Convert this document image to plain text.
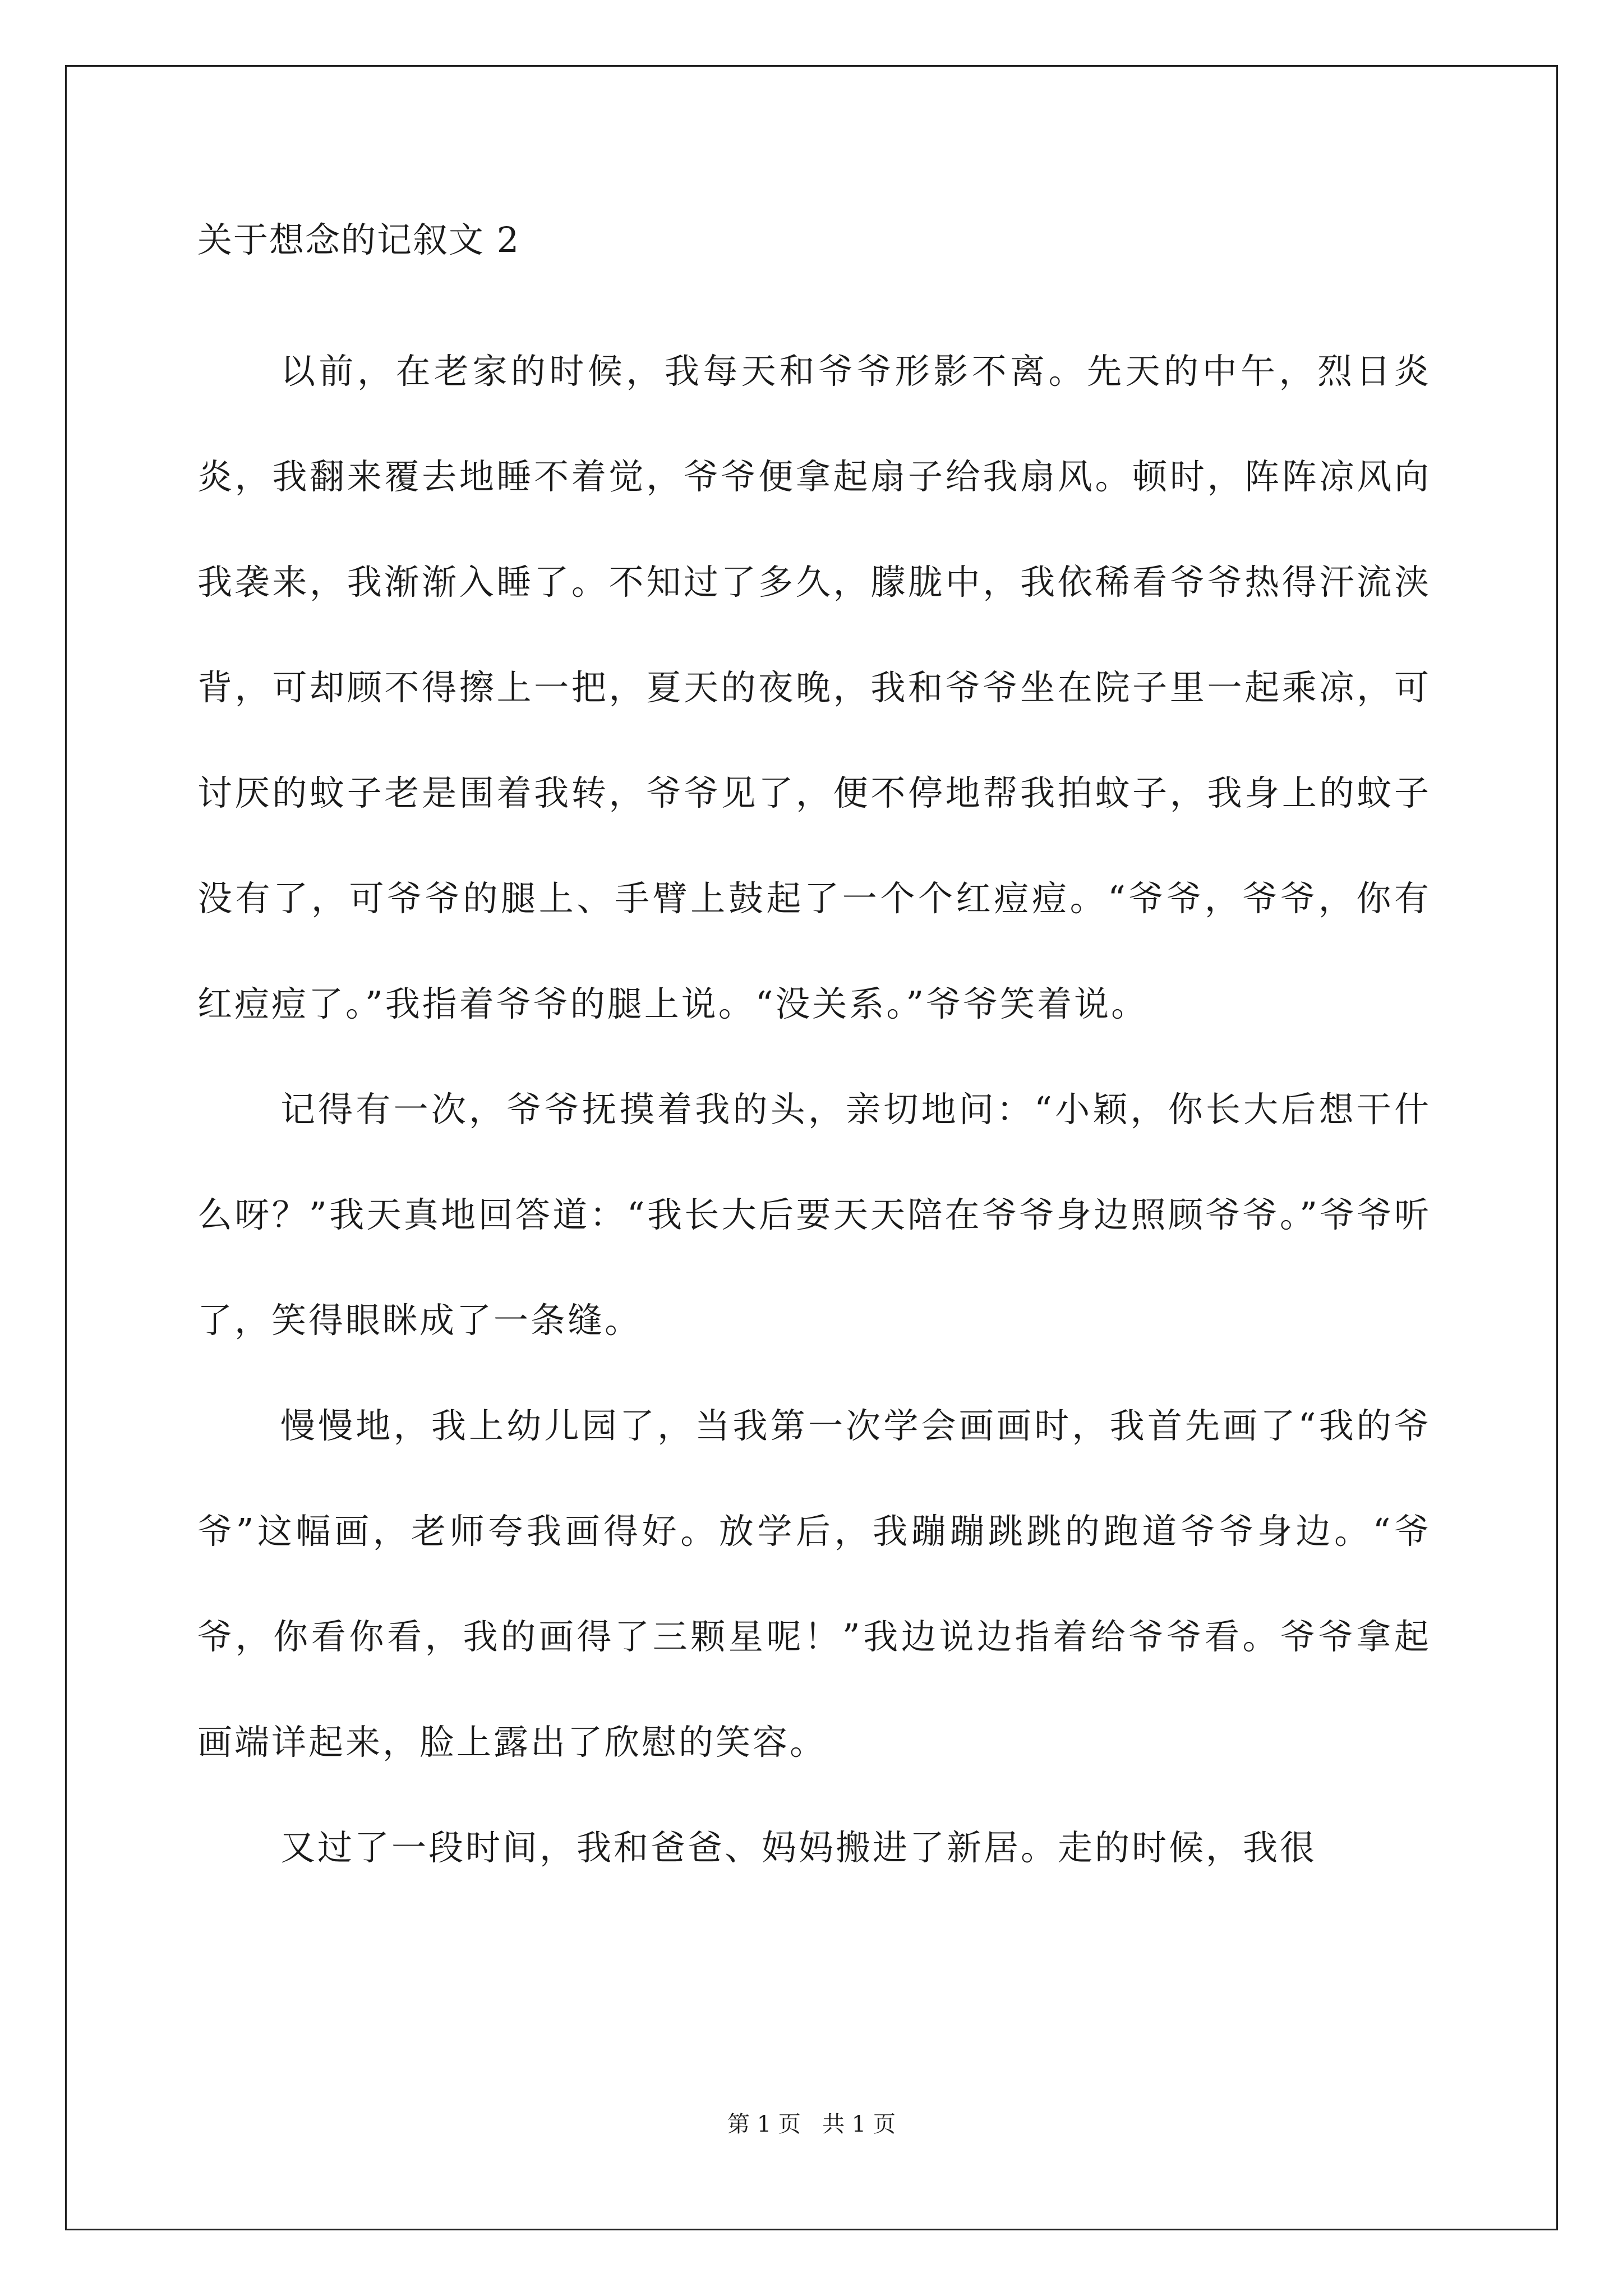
关于想念的记叙文 2

以前，在老家的时候，我每天和爷爷形影不离。先天的中午，烈日炎炎，我翻来覆去地睡不着觉，爷爷便拿起扇子给我扇风。顿时，阵阵凉风向我袭来，我渐渐入睡了。不知过了多久，朦胧中，我依稀看爷爷热得汗流浃背，可却顾不得擦上一把，夏天的夜晚，我和爷爷坐在院子里一起乘凉，可讨厌的蚊子老是围着我转，爷爷见了，便不停地帮我拍蚊子，我身上的蚊子没有了，可爷爷的腿上、手臂上鼓起了一个个红痘痘。“爷爷，爷爷，你有红痘痘了。”我指着爷爷的腿上说。“没关系。”爷爷笑着说。

记得有一次，爷爷抚摸着我的头，亲切地问：“小颖，你长大后想干什么呀？”我天真地回答道：“我长大后要天天陪在爷爷身边照顾爷爷。”爷爷听了，笑得眼眯成了一条缝。

慢慢地，我上幼儿园了，当我第一次学会画画时，我首先画了“我的爷爷”这幅画，老师夸我画得好。放学后，我蹦蹦跳跳的跑道爷爷身边。“爷爷，你看你看，我的画得了三颗星呢！”我边说边指着给爷爷看。爷爷拿起画端详起来，脸上露出了欣慰的笑容。

又过了一段时间，我和爸爸、妈妈搬进了新居。走的时候，我很

第 1 页   共 1 页
